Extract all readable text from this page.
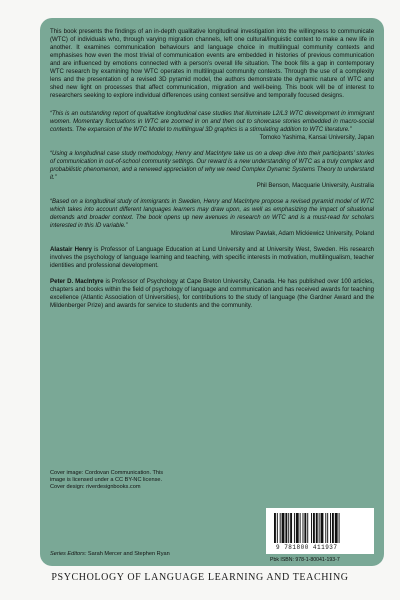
This book presents the findings of an in-depth qualitative longitudinal investigation into the willingness to communicate (WTC) of individuals who, through varying migration channels, left one cultural/linguistic context to make a new life in another. It examines communication behaviours and language choice in multilingual community contexts and emphasises how even the most trivial of communication events are embedded in histories of previous communication and are influenced by emotions connected with a person’s overall life situation. The book fills a gap in contemporary WTC research by examining how WTC operates in multilingual community contexts. Through the use of a complexity lens and the presentation of a revised 3D pyramid model, the authors demonstrate the dynamic nature of WTC and shed new light on processes that affect communication, migration and well-being. This book will be of interest to researchers seeking to explore individual differences using context sensitive and temporally focused designs.

“This is an outstanding report of qualitative longitudinal case studies that illuminate L2/L3 WTC development in immigrant women. Momentary fluctuations in WTC are zoomed in on and then out to showcase stories embedded in macro-social contexts. The expansion of the WTC Model to multilingual 3D graphics is a stimulating addition to WTC literature.”

Tomoko Yashima, Kansai University, Japan

“Using a longitudinal case study methodology, Henry and MacIntyre take us on a deep dive into their participants’ stories of communication in out-of-school community settings. Our reward is a new understanding of WTC as a truly complex and probabilistic phenomenon, and a renewed appreciation of why we need Complex Dynamic Systems Theory to understand it.”

Phil Benson, Macquarie University, Australia

“Based on a longitudinal study of immigrants in Sweden, Henry and MacIntyre propose a revised pyramid model of WTC which takes into account different languages learners may draw upon, as well as emphasizing the impact of situational demands and broader context. The book opens up new avenues in research on WTC and is a must-read for scholars interested in this ID variable.”

Mirosław Pawlak, Adam Mickiewicz University, Poland

Alastair Henry is Professor of Language Education at Lund University and at University West, Sweden. His research involves the psychology of language learning and teaching, with specific interests in motivation, multilingualism, teacher identities and professional development.

Peter D. MacIntyre is Professor of Psychology at Cape Breton University, Canada. He has published over 100 articles, chapters and books within the field of psychology of language and communication and has received awards for teaching excellence (Atlantic Association of Universities), for contributions to the study of language (the Gardner Award and the Mildenberger Prize) and awards for service to students and the community.

Cover image: Cordovan Communication. This
image is licensed under a CC BY-NC license.
Cover design: riverdesignbooks.com
Series Editors: Sarah Mercer and Stephen Ryan
9 781800 411937
Pbk ISBN: 978-1-80041-193-7
PSYCHOLOGY OF LANGUAGE LEARNING AND TEACHING
